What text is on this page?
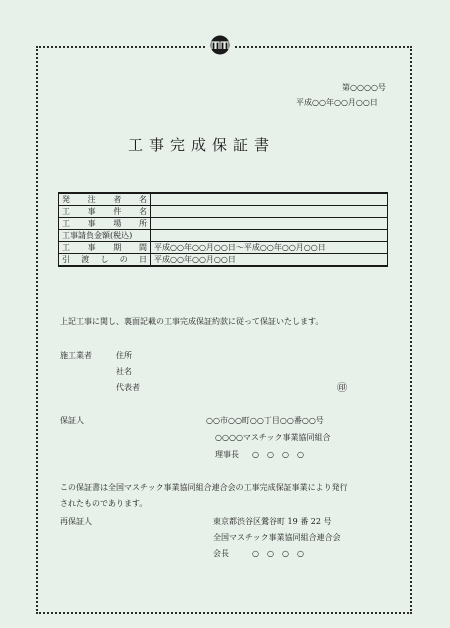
第○○○○号
平成○○年○○月○○日
工事完成保証書
発注者名	
工事件名	
工事場所	
工事請負金額(税込)	
工事期間	平成○○年○○月○○日～平成○○年○○月○○日
引渡しの日	平成○○年○○月○○日
上記工事に関し、裏面記載の工事完成保証約款に従って保証いたします。
施工業者	住所
社名
代表者	㊞
保証人	○○市○○町○○丁目○○番○○号
○○○○マスチック事業協同組合
理事長 ○　○　○　○
この保証書は全国マスチック事業協同組合連合会の工事完成保証事業により発行
されたものであります。
再保証人	東京都渋谷区鶯谷町 19 番 22 号
全国マスチック事業協同組合連合会
会長	○　○　○　○
